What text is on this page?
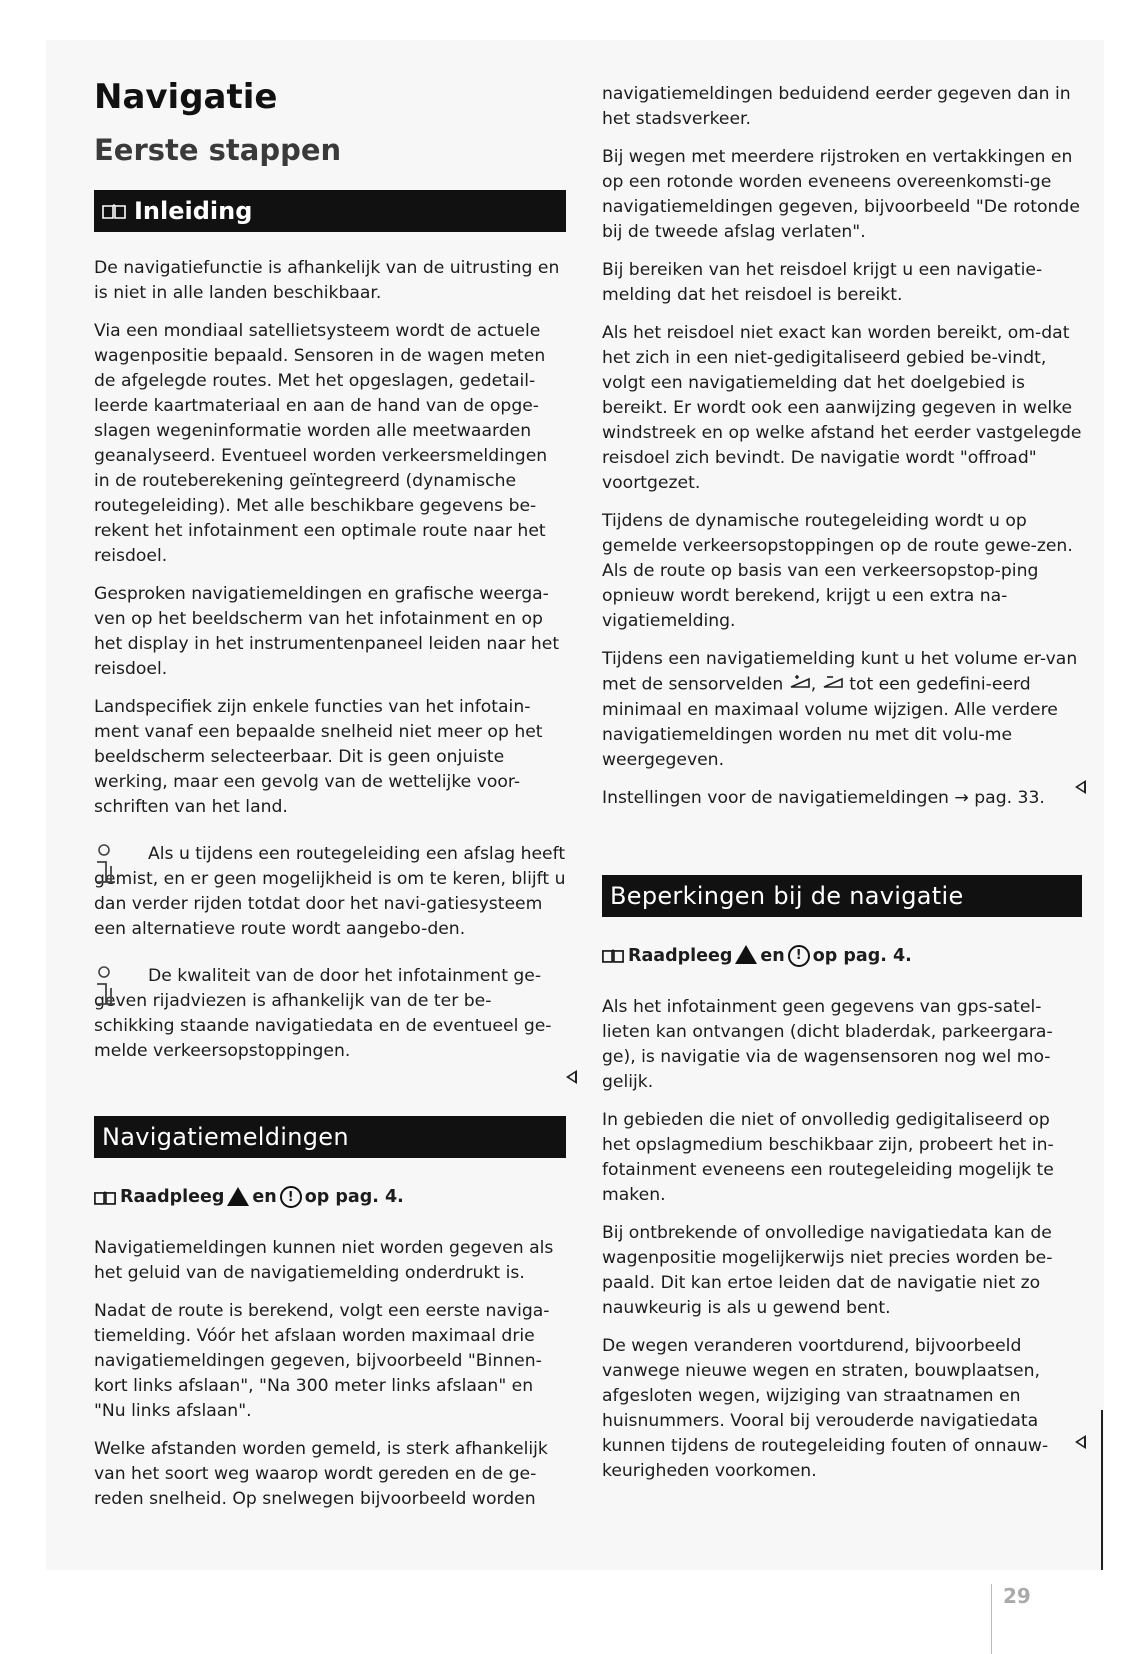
Navigatie
Eerste stappen
Inleiding

De navigatiefunctie is afhankelijk van de uitrusting en is niet in alle landen beschikbaar.

Via een mondiaal satellietsysteem wordt de actuele wagenpositie bepaald. Sensoren in de wagen meten de afgelegde routes. Met het opgeslagen, gedetail-leerde kaartmateriaal en aan de hand van de opge-slagen wegeninformatie worden alle meetwaarden geanalyseerd. Eventueel worden verkeersmeldingen in de routeberekening geïntegreerd (dynamische routegeleiding). Met alle beschikbare gegevens be-rekent het infotainment een optimale route naar het reisdoel.

Gesproken navigatiemeldingen en grafische weerga-ven op het beeldscherm van het infotainment en op het display in het instrumentenpaneel leiden naar het reisdoel.

Landspecifiek zijn enkele functies van het infotain-ment vanaf een bepaalde snelheid niet meer op het beeldscherm selecteerbaar. Dit is geen onjuiste werking, maar een gevolg van de wettelijke voor-schriften van het land.

Als u tijdens een routegeleiding een afslag heeft gemist, en er geen mogelijkheid is om te keren, blijft u dan verder rijden totdat door het navi-gatiesysteem een alternatieve route wordt aangebo-den.

De kwaliteit van de door het infotainment ge-geven rijadviezen is afhankelijk van de ter be-schikking staande navigatiedata en de eventueel ge-melde verkeersopstoppingen.

Navigatiemeldingen
Raadpleeg en ! op pag. 4.

Navigatiemeldingen kunnen niet worden gegeven als het geluid van de navigatiemelding onderdrukt is.

Nadat de route is berekend, volgt een eerste naviga-tiemelding. Vóór het afslaan worden maximaal drie navigatiemeldingen gegeven, bijvoorbeeld "Binnen-kort links afslaan", "Na 300 meter links afslaan" en "Nu links afslaan".

Welke afstanden worden gemeld, is sterk afhankelijk van het soort weg waarop wordt gereden en de ge-reden snelheid. Op snelwegen bijvoorbeeld worden

navigatiemeldingen beduidend eerder gegeven dan in het stadsverkeer.

Bij wegen met meerdere rijstroken en vertakkingen en op een rotonde worden eveneens overeenkomsti-ge navigatiemeldingen gegeven, bijvoorbeeld "De rotonde bij de tweede afslag verlaten".

Bij bereiken van het reisdoel krijgt u een navigatie-melding dat het reisdoel is bereikt.

Als het reisdoel niet exact kan worden bereikt, om-dat het zich in een niet-gedigitaliseerd gebied be-vindt, volgt een navigatiemelding dat het doelgebied is bereikt. Er wordt ook een aanwijzing gegeven in welke windstreek en op welke afstand het eerder vastgelegde reisdoel zich bevindt. De navigatie wordt "offroad" voortgezet.

Tijdens de dynamische routegeleiding wordt u op gemelde verkeersopstoppingen op de route gewe-zen. Als de route op basis van een verkeersopstop-ping opnieuw wordt berekend, krijgt u een extra na-vigatiemelding.

Tijdens een navigatiemelding kunt u het volume er-van met de sensorvelden , tot een gedefini-eerd minimaal en maximaal volume wijzigen. Alle verdere navigatiemeldingen worden nu met dit volu-me weergegeven.

Instellingen voor de navigatiemeldingen → pag. 33.

Beperkingen bij de navigatie
Raadpleeg en ! op pag. 4.

Als het infotainment geen gegevens van gps-satel-lieten kan ontvangen (dicht bladerdak, parkeergara-ge), is navigatie via de wagensensoren nog wel mo-gelijk.

In gebieden die niet of onvolledig gedigitaliseerd op het opslagmedium beschikbaar zijn, probeert het in-fotainment eveneens een routegeleiding mogelijk te maken.

Bij ontbrekende of onvolledige navigatiedata kan de wagenpositie mogelijkerwijs niet precies worden be-paald. Dit kan ertoe leiden dat de navigatie niet zo nauwkeurig is als u gewend bent.

De wegen veranderen voortdurend, bijvoorbeeld vanwege nieuwe wegen en straten, bouwplaatsen, afgesloten wegen, wijziging van straatnamen en huisnummers. Vooral bij verouderde navigatiedata kunnen tijdens de routegeleiding fouten of onnauw-keurigheden voorkomen.

29
